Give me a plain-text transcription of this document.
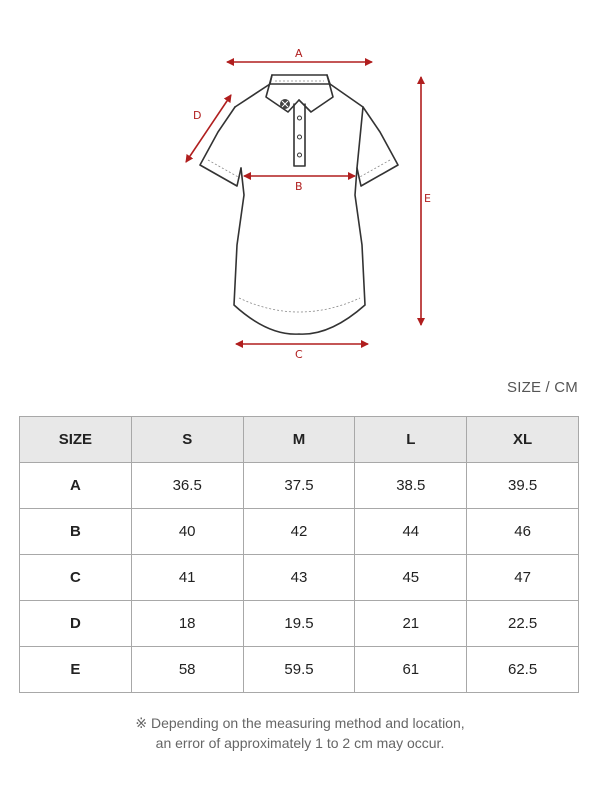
A
B
C
D
E
SIZE / CM
SIZE	S	M	L	XL
A	36.5	37.5	38.5	39.5
B	40	42	44	46
C	41	43	45	47
D	18	19.5	21	22.5
E	58	59.5	61	62.5
※ Depending on the measuring method and location,
an error of approximately 1 to 2 cm may occur.
